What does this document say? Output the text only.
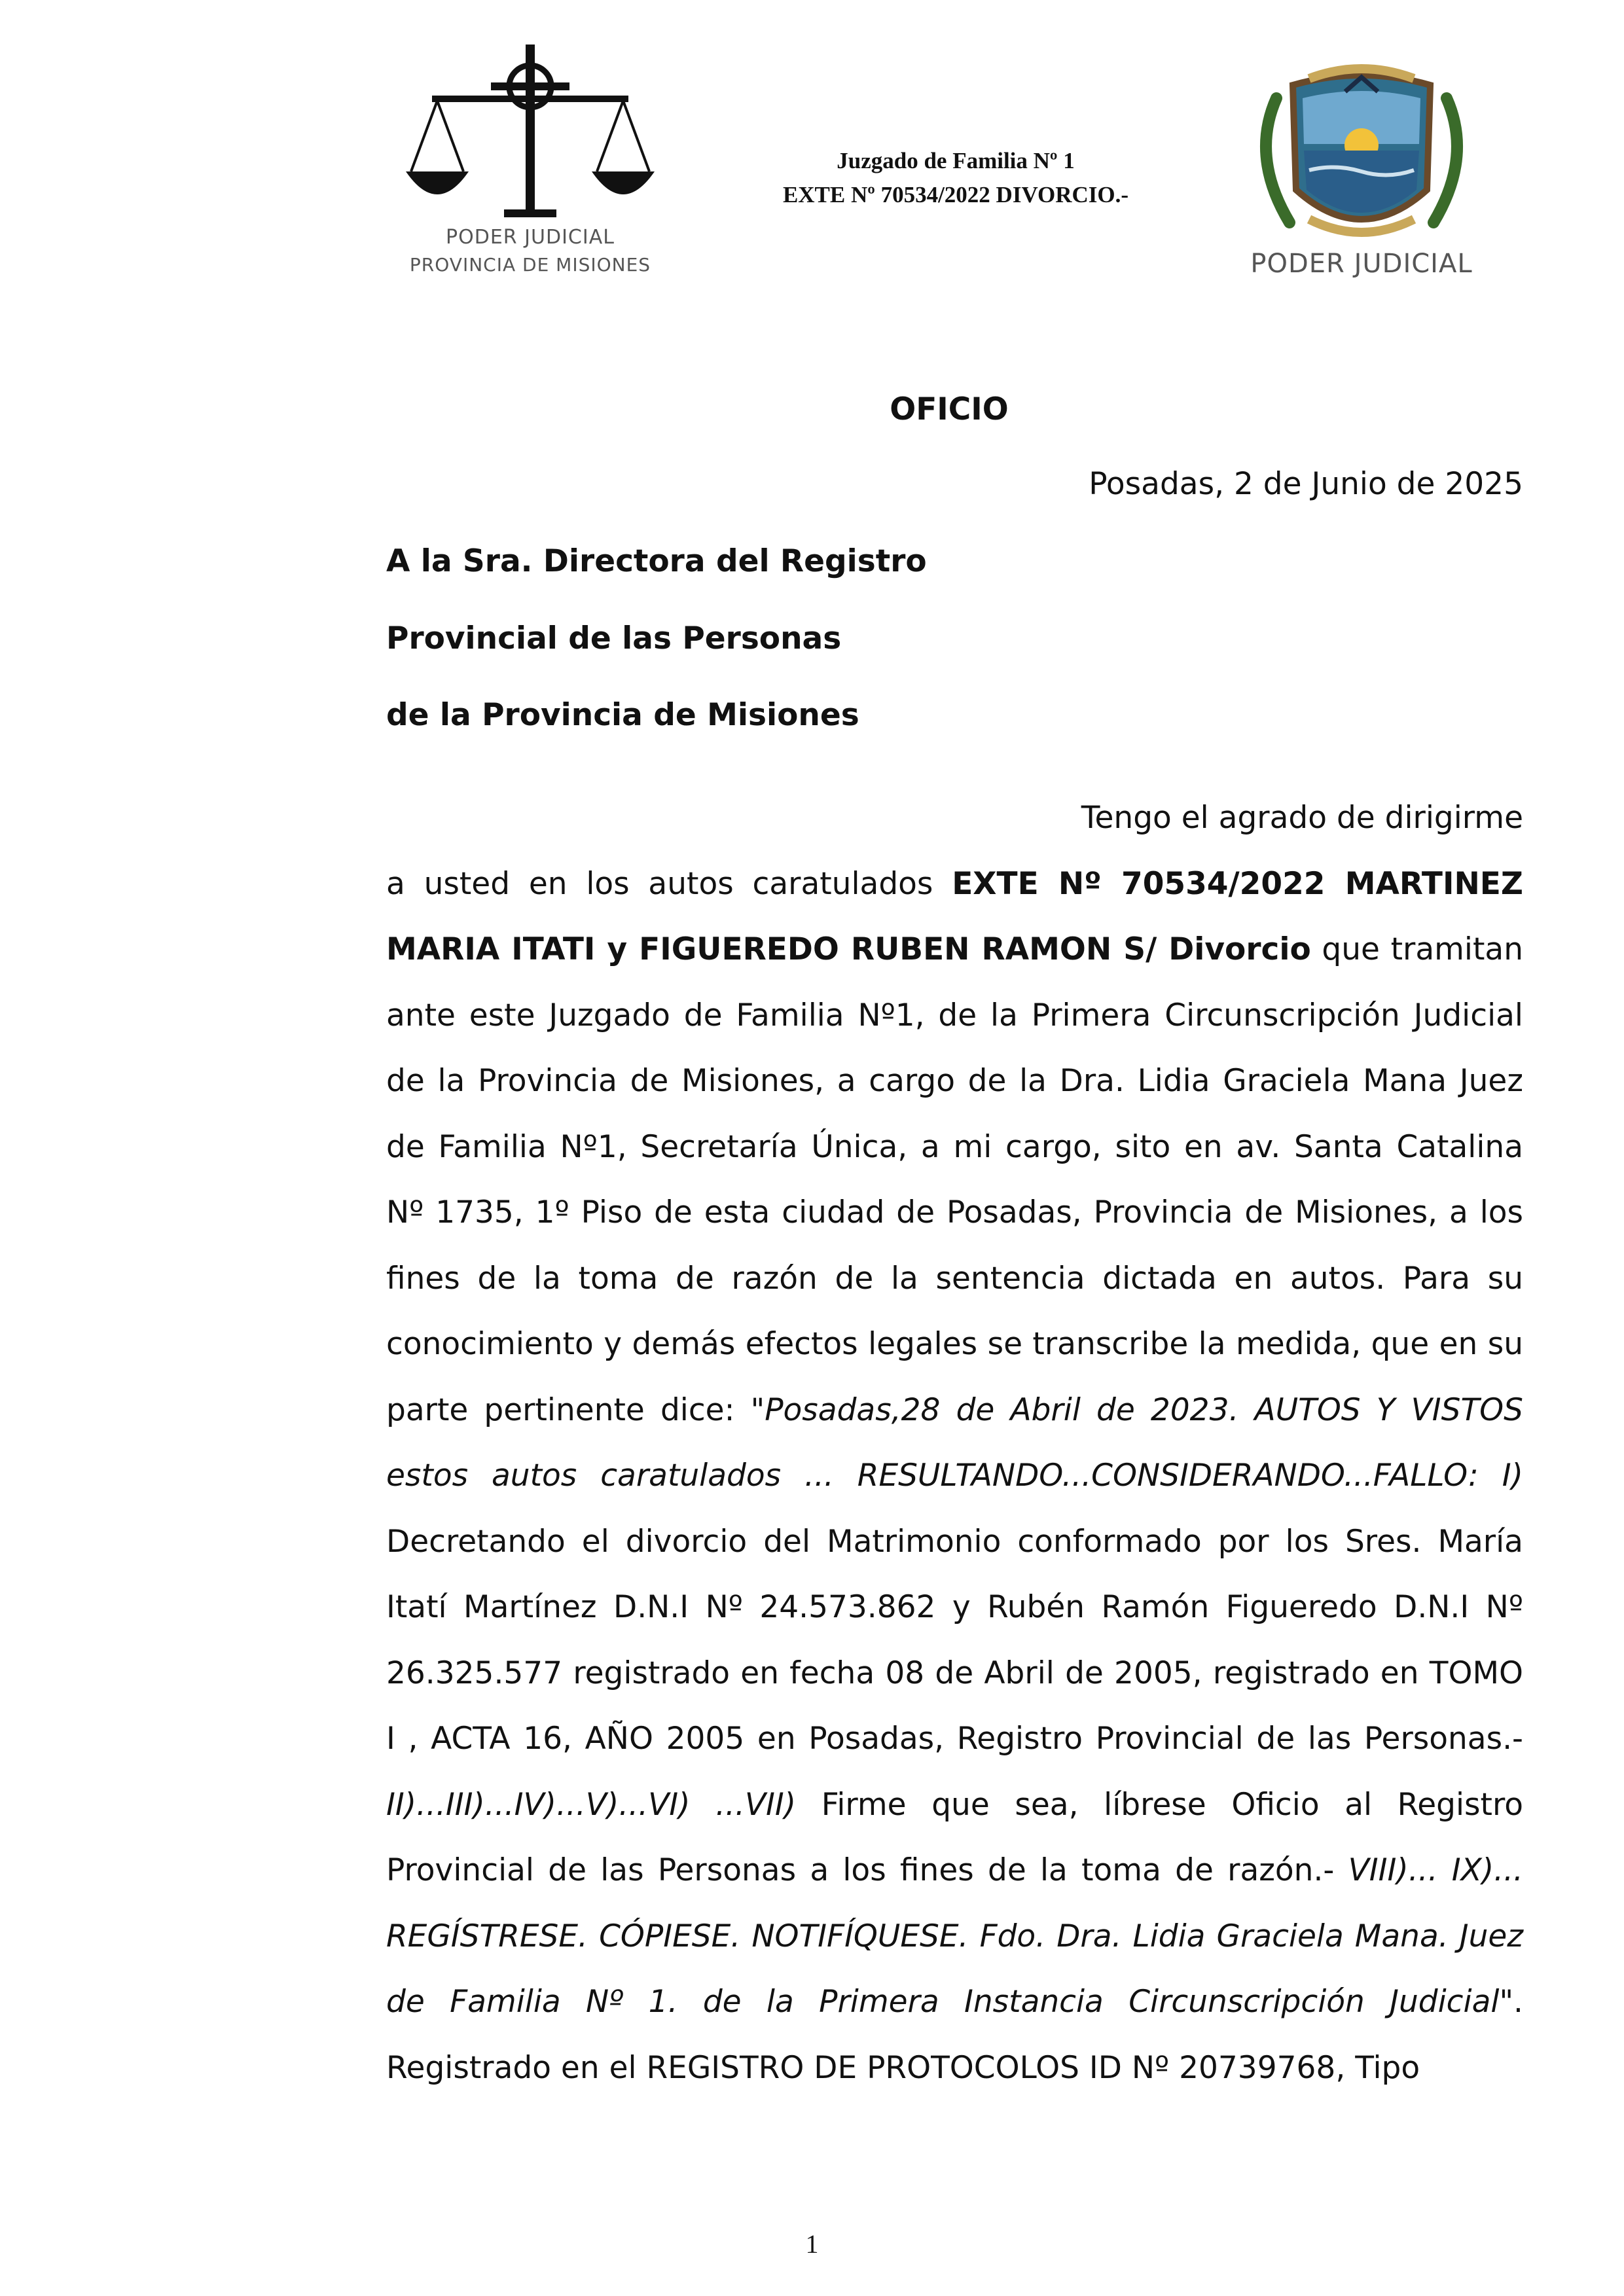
PODER JUDICIAL
PROVINCIA DE MISIONES
Juzgado de Familia Nº 1
EXTE Nº 70534/2022 DIVORCIO.-
PODER JUDICIAL
OFICIO
Posadas, 2 de Junio de 2025
A la Sra. Directora del Registro
Provincial de las Personas
de la Provincia de Misiones
Tengo el agrado de dirigirme
a usted en los autos caratulados EXTE Nº 70534/2022 MARTINEZ MARIA ITATI y FIGUEREDO RUBEN RAMON S/ Divorcio que tramitan ante este Juzgado de Familia Nº1, de la Primera Circunscripción Judicial de la Provincia de Misiones, a cargo de la Dra. Lidia Graciela Mana Juez de Familia Nº1, Secretaría Única, a mi cargo, sito en av. Santa Catalina Nº 1735, 1º Piso de esta ciudad de Posadas, Provincia de Misiones, a los fines de la toma de razón de la sentencia dictada en autos. Para su conocimiento y demás efectos legales se transcribe la medida, que en su parte pertinente dice: "Posadas,28 de Abril de 2023. AUTOS Y VISTOS estos autos caratulados ... RESULTANDO...CONSIDERANDO...FALLO: I) Decretando el divorcio del Matrimonio conformado por los Sres. María Itatí Martínez D.N.I Nº 24.573.862 y Rubén Ramón Figueredo D.N.I Nº 26.325.577 registrado en fecha 08 de Abril de 2005, registrado en TOMO I , ACTA 16, AÑO 2005 en Posadas, Registro Provincial de las Personas.- II)...III)...IV)...V)...VI) ...VII) Firme que sea, líbrese Oficio al Registro Provincial de las Personas a los fines de la toma de razón.- VIII)... IX)... REGÍSTRESE. CÓPIESE. NOTIFÍQUESE. Fdo. Dra. Lidia Graciela Mana. Juez de Familia Nº 1. de la Primera Instancia Circunscripción Judicial". Registrado en el REGISTRO DE PROTOCOLOS ID Nº 20739768, Tipo
1
